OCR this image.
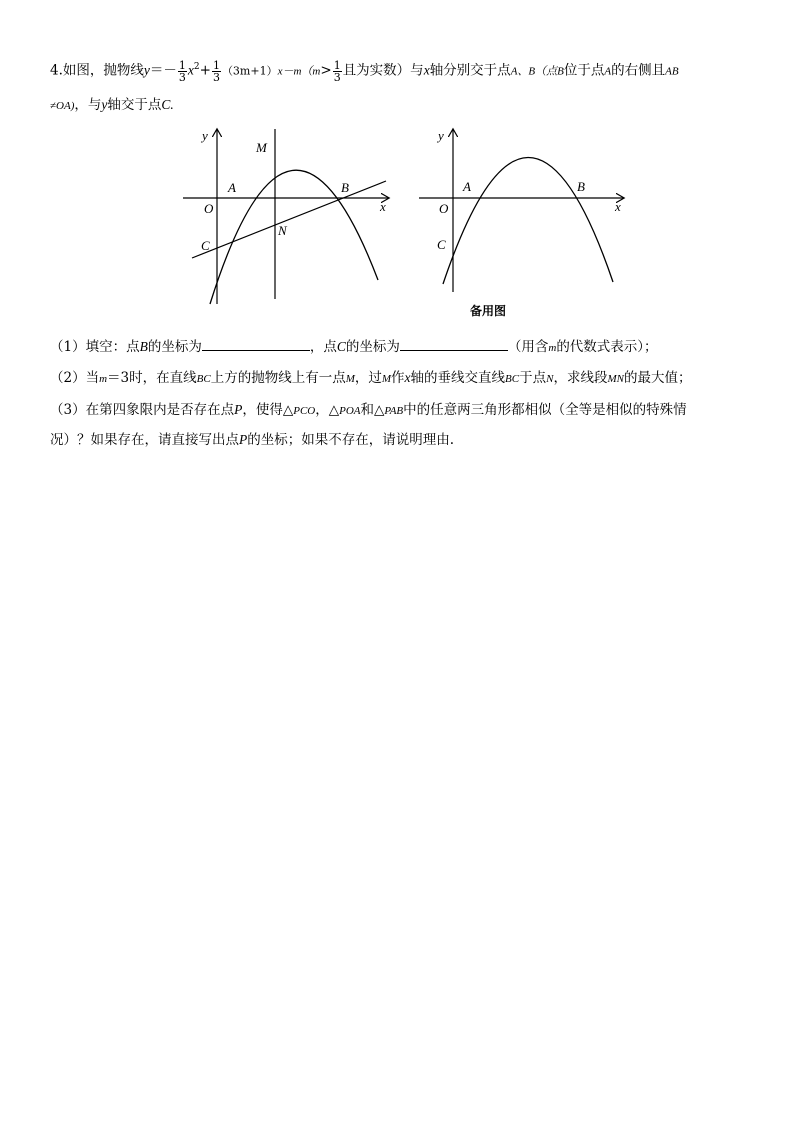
4.如图，抛物线$y=- \frac{1}{3} x^2+ \frac{1}{3} (3m+1)x-m(m> \frac{1}{3}$ 且为实数）与x轴分别交于点A、B（点B位于点A的右侧且AB
≠OA)，与y轴交于点C.
y
x
O
A	B
C
M
N
y
x
O
A	B
C
备用图
（1）填空：点B的坐标为	，点C的坐标为	（用含m的代数式表示）；
（2）当m＝3时，在直线BC上方的抛物线上有一点M，过M作x轴的垂线交直线BC于点N，求线段MN的最大值；
（3）在第四象限内是否存在点P，使得△PCO，△POA和△PAB中的任意两三角形都相似（全等是相似的特殊情
况）？如果存在，请直接写出点P的坐标；如果不存在，请说明理由.
